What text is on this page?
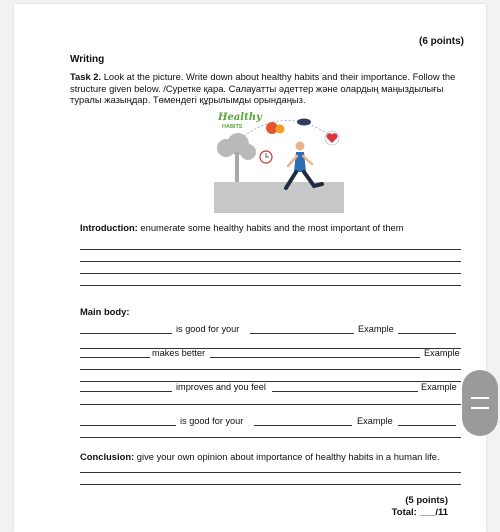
(6 points)
Writing
Task 2. Look at the picture. Write down about healthy habits and their importance. Follow the structure given below. /Суретке қара. Салауатты әдеттер және олардың маңыздылығы туралы жазыңдар. Төмендегі құрылымды орындаңыз.
Healthy
HABITS
Introduction: enumerate some healthy habits and the most important of them
Main body:
is good for your	Example
makes better	Example
improves and you feel	Example
is good for your	Example
Conclusion: give your own opinion about importance of healthy habits in a human life.
(5 points)
Total: ___/11
